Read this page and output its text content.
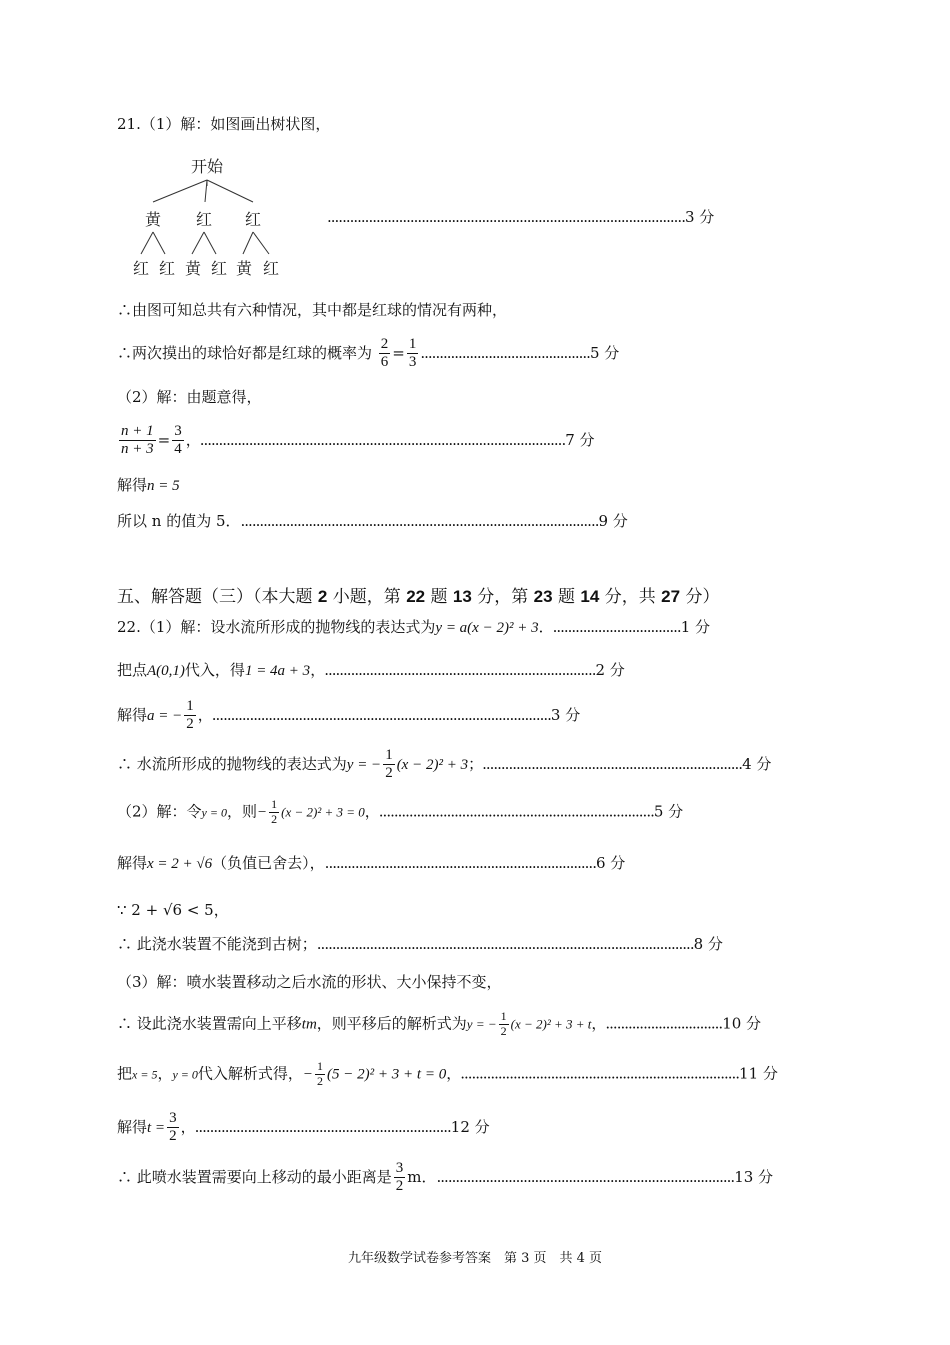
21.（1）解：如图画出树状图，
开始
黄 红 红
红 红 黄 红 黄 红
...............................................................................................3 分
∴由图可知总共有六种情况，其中都是红球的情况有两种，
∴两次摸出的球恰好都是红球的概率为 $\frac{2}{6} = \frac{1}{3} .............................................5$ 分
（2）解：由题意得，
$\frac{n + 1}{n + 3} = \frac{3}{4}$ ，.................................................................................................7 分
解得n = 5
所以 n 的值为 5．...............................................................................................9 分
五、解答题（三）（本大题 2 小题，第 22 题 13 分，第 23 题 14 分，共 27 分）
22.（1）解：设水流所形成的抛物线的表达式为y = a(x − 2)² + 3．..................................1 分
把点A(0,1)代入，得1 = 4a + 3，........................................................................2 分
解得a = − $\frac{1}{2}$ ，..........................................................................................3 分
∴ 水流所形成的抛物线的表达式为y = − $\frac{1}{2} (x - 2)^2 + 3$；.....................................................................4 分
（2）解：令y = 0，则− $\frac{1}{2} (x - 2)^2 + 3 = 0$，.........................................................................5 分
解得x = 2 + √6（负值已舍去），........................................................................6 分
∵ 2 + √6 < 5，
∴ 此浇水装置不能浇到古树；....................................................................................................8 分
（3）解：喷水装置移动之后水流的形状、大小保持不变，
∴ 设此浇水装置需向上平移tm，则平移后的解析式为y = − $\frac{1}{2} (x - 2)^2 + 3 + t$，...............................10 分
把x = 5，y = 0代入解析式得，− $\frac{1}{2} (5 - 2)^2 + 3 + t = 0$，..........................................................................11 分
解得$t = \frac{3}{2}$ ，....................................................................12 分
∴ 此喷水装置需要向上移动的最小距离是 $\frac{3}{2}$ m．...............................................................................13 分
九年级数学试卷参考答案　第 3 页　共 4 页
